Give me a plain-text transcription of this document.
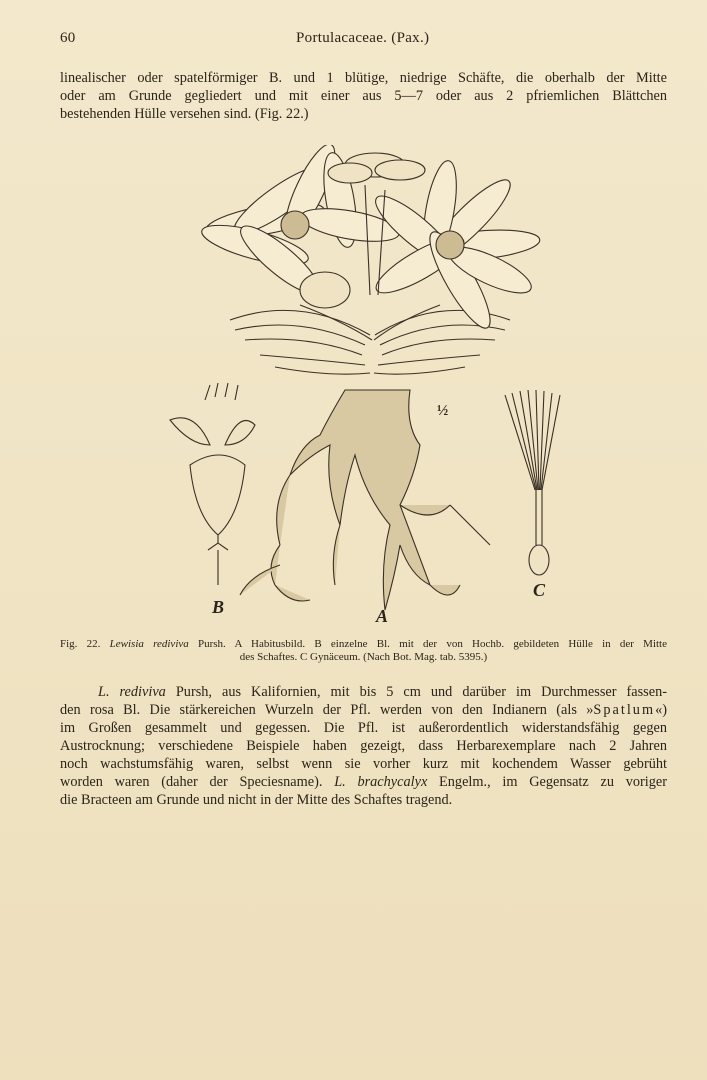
60	Portulacaceae. (Pax.)
linealischer oder spatelförmiger B. und 1 blütige, niedrige Schäfte, die oberhalb der Mitte
oder am Grunde gegliedert und mit einer aus 5—7 oder aus 2 pfriemlichen Blättchen
bestehenden Hülle versehen sind. (Fig. 22.)
B	A
C
½
Fig. 22. Lewisia rediviva Pursh. A Habitusbild. B einzelne Bl. mit der von Hochb. gebildeten Hülle in der Mitte
des Schaftes. C Gynäceum. (Nach Bot. Mag. tab. 5395.)
L. rediviva Pursh, aus Kalifornien, mit bis 5 cm und darüber im Durchmesser fassen-
den rosa Bl. Die stärkereichen Wurzeln der Pfl. werden von den Indianern (als »Spatlum«)
im Großen gesammelt und gegessen. Die Pfl. ist außerordentlich widerstandsfähig gegen
Austrocknung; verschiedene Beispiele haben gezeigt, dass Herbarexemplare nach 2 Jahren
noch wachstumsfähig waren, selbst wenn sie vorher kurz mit kochendem Wasser gebrüht
worden waren (daher der Speciesname). L. brachycalyx Engelm., im Gegensatz zu voriger
die Bracteen am Grunde und nicht in der Mitte des Schaftes tragend.
